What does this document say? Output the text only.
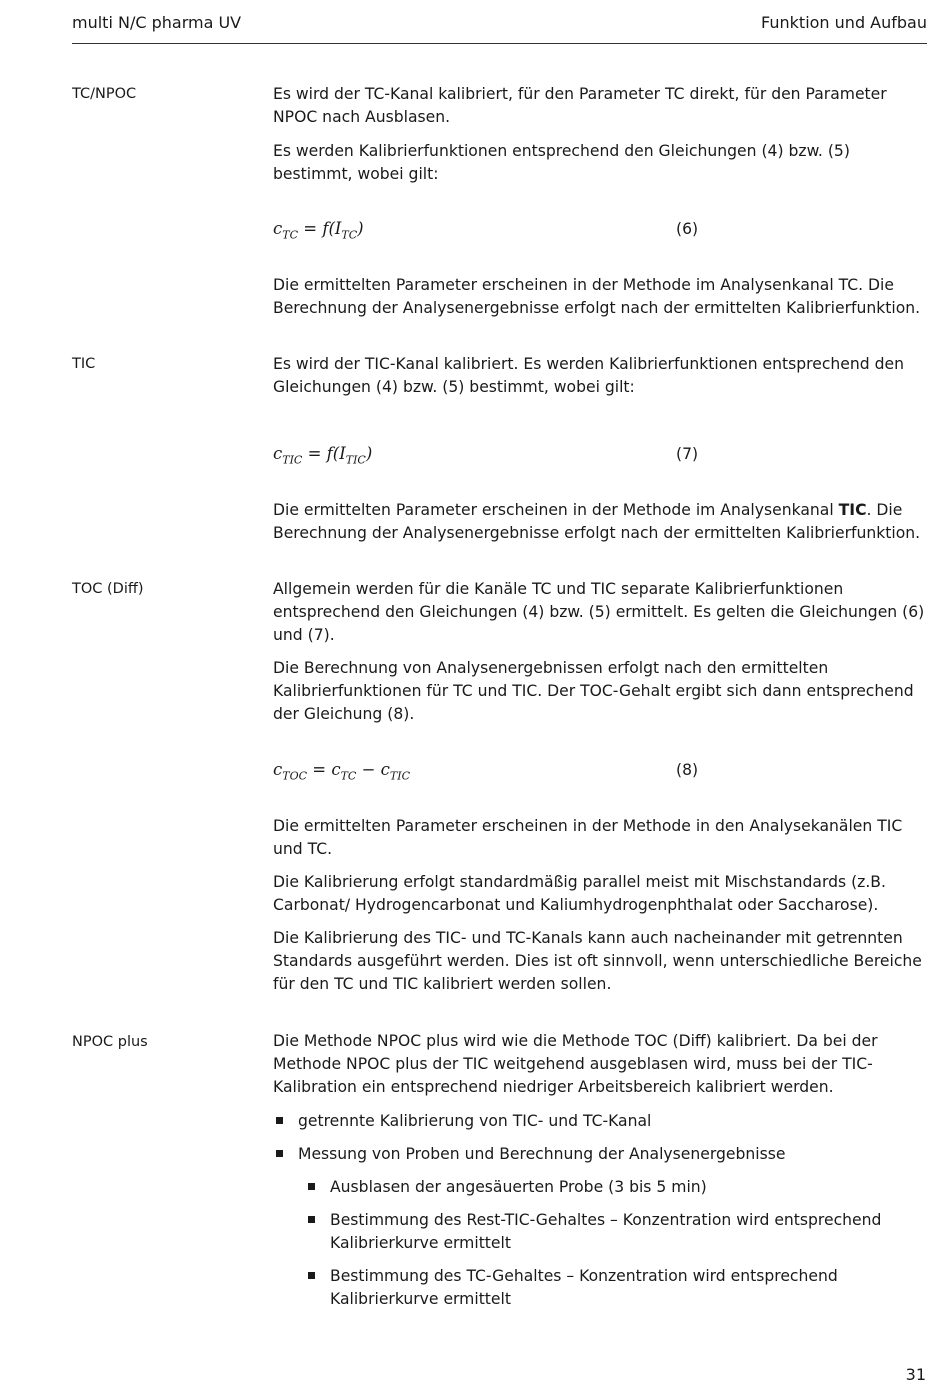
multi N/C pharma UV	Funktion und Aufbau
TC/NPOC	Es wird der TC-Kanal kalibriert, für den Parameter TC direkt, für den Parameter NPOC nach Ausblasen.

Es werden Kalibrierfunktionen entsprechend den Gleichungen (4) bzw. (5) bestimmt, wobei gilt:

$c_{TC} = f(I_{TC})$	(6)

Die ermittelten Parameter erscheinen in der Methode im Analysenkanal TC. Die Berechnung der Analysenergebnisse erfolgt nach der ermittelten Kalibrierfunktion.

TIC	Es wird der TIC-Kanal kalibriert. Es werden Kalibrierfunktionen entsprechend den Gleichungen (4) bzw. (5) bestimmt, wobei gilt:

$c_{TIC} = f(I_{TIC})$	(7)

Die ermittelten Parameter erscheinen in der Methode im Analysenkanal TIC. Die Berechnung der Analysenergebnisse erfolgt nach der ermittelten Kalibrierfunktion.

TOC (Diff)	Allgemein werden für die Kanäle TC und TIC separate Kalibrierfunktionen entsprechend den Gleichungen (4) bzw. (5) ermittelt. Es gelten die Gleichungen (6) und (7).

Die Berechnung von Analysenergebnissen erfolgt nach den ermittelten Kalibrierfunktionen für TC und TIC. Der TOC-Gehalt ergibt sich dann entsprechend der Gleichung (8).

$c_{TOC} = c_{TC} - c_{TIC}$	(8)

Die ermittelten Parameter erscheinen in der Methode in den Analysekanälen TIC und TC.

Die Kalibrierung erfolgt standardmäßig parallel meist mit Mischstandards (z.B. Carbonat/ Hydrogencarbonat und Kaliumhydrogenphthalat oder Saccharose).

Die Kalibrierung des TIC- und TC-Kanals kann auch nacheinander mit getrennten Standards ausgeführt werden. Dies ist oft sinnvoll, wenn unterschiedliche Bereiche für den TC und TIC kalibriert werden sollen.

NPOC plus	Die Methode NPOC plus wird wie die Methode TOC (Diff) kalibriert. Da bei der Methode NPOC plus der TIC weitgehend ausgeblasen wird, muss bei der TIC-Kalibration ein entsprechend niedriger Arbeitsbereich kalibriert werden.

getrennte Kalibrierung von TIC- und TC-Kanal
Messung von Proben und Berechnung der Analysenergebnisse
Ausblasen der angesäuerten Probe (3 bis 5 min)
Bestimmung des Rest-TIC-Gehaltes – Konzentration wird entsprechend Kalibrierkurve ermittelt
Bestimmung des TC-Gehaltes – Konzentration wird entsprechend Kalibrierkurve ermittelt
31
